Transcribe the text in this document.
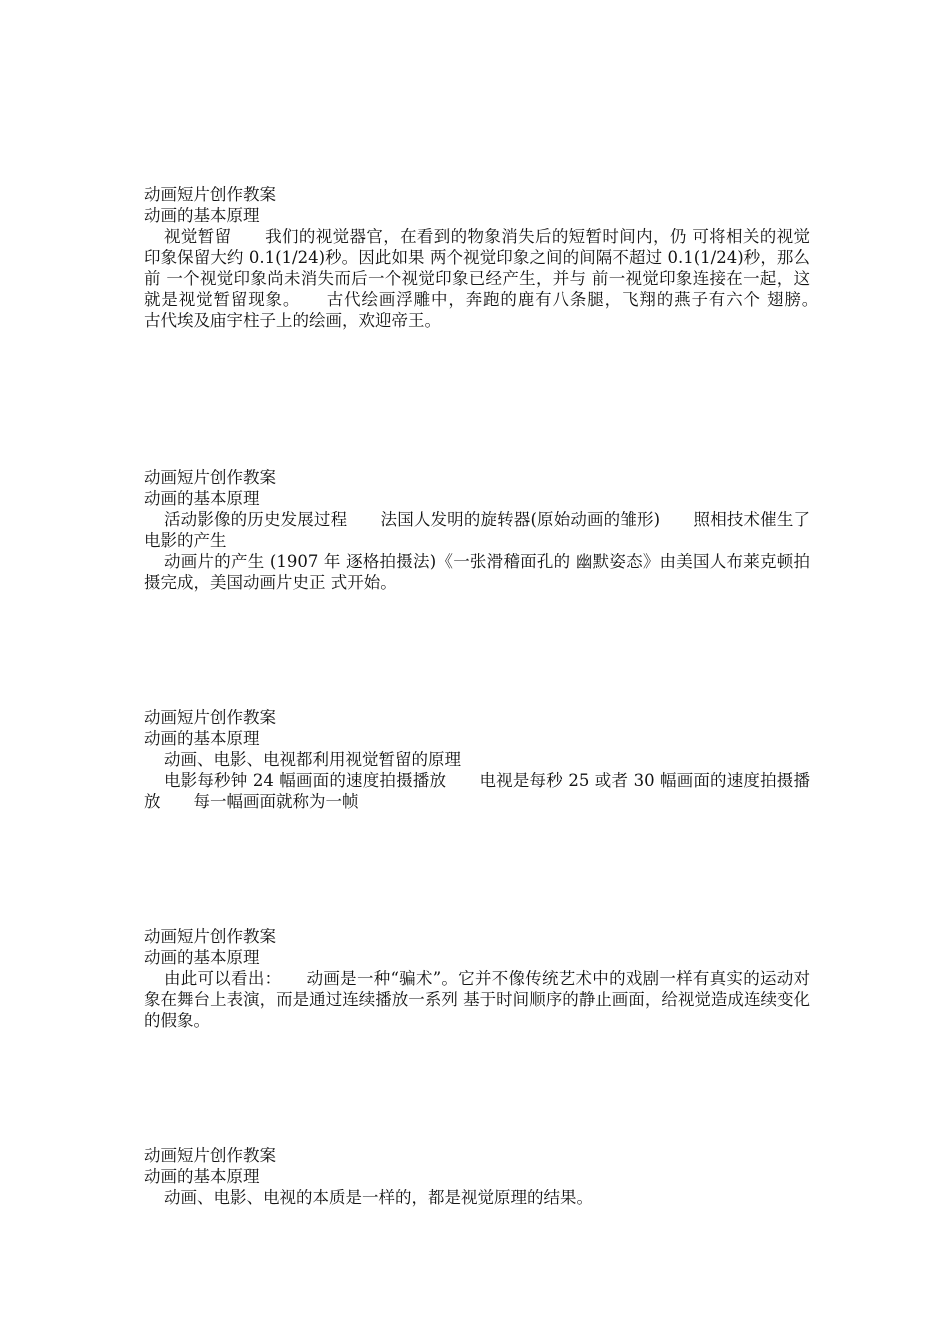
动画短片创作教案
动画的基本原理
视觉暂留　　我们的视觉器官，在看到的物象消失后的短暂时间内，仍 可将相关的视觉印象保留大约 0.1(1/24)秒。因此如果 两个视觉印象之间的间隔不超过 0.1(1/24)秒，那么前 一个视觉印象尚未消失而后一个视觉印象已经产生，并与 前一视觉印象连接在一起，这就是视觉暂留现象。　　古代绘画浮雕中，奔跑的鹿有八条腿，飞翔的燕子有六个 翅膀。　　古代埃及庙宇柱子上的绘画，欢迎帝王。
动画短片创作教案
动画的基本原理
活动影像的历史发展过程　　法国人发明的旋转器(原始动画的雏形)　　照相技术催生了电影的产生
动画片的产生 (1907 年 逐格拍摄法)《一张滑稽面孔的 幽默姿态》由美国人布莱克顿拍摄完成，美国动画片史正 式开始。
动画短片创作教案
动画的基本原理
动画、电影、电视都利用视觉暂留的原理
电影每秒钟 24 幅画面的速度拍摄播放　　电视是每秒 25 或者 30 幅画面的速度拍摄播放　　每一幅画面就称为一帧
动画短片创作教案
动画的基本原理
由此可以看出：　　动画是一种“骗术”。它并不像传统艺术中的戏剧一样有真实的运动对象在舞台上表演，而是通过连续播放一系列 基于时间顺序的静止画面，给视觉造成连续变化的假象。
动画短片创作教案
动画的基本原理
动画、电影、电视的本质是一样的，都是视觉原理的结果。
